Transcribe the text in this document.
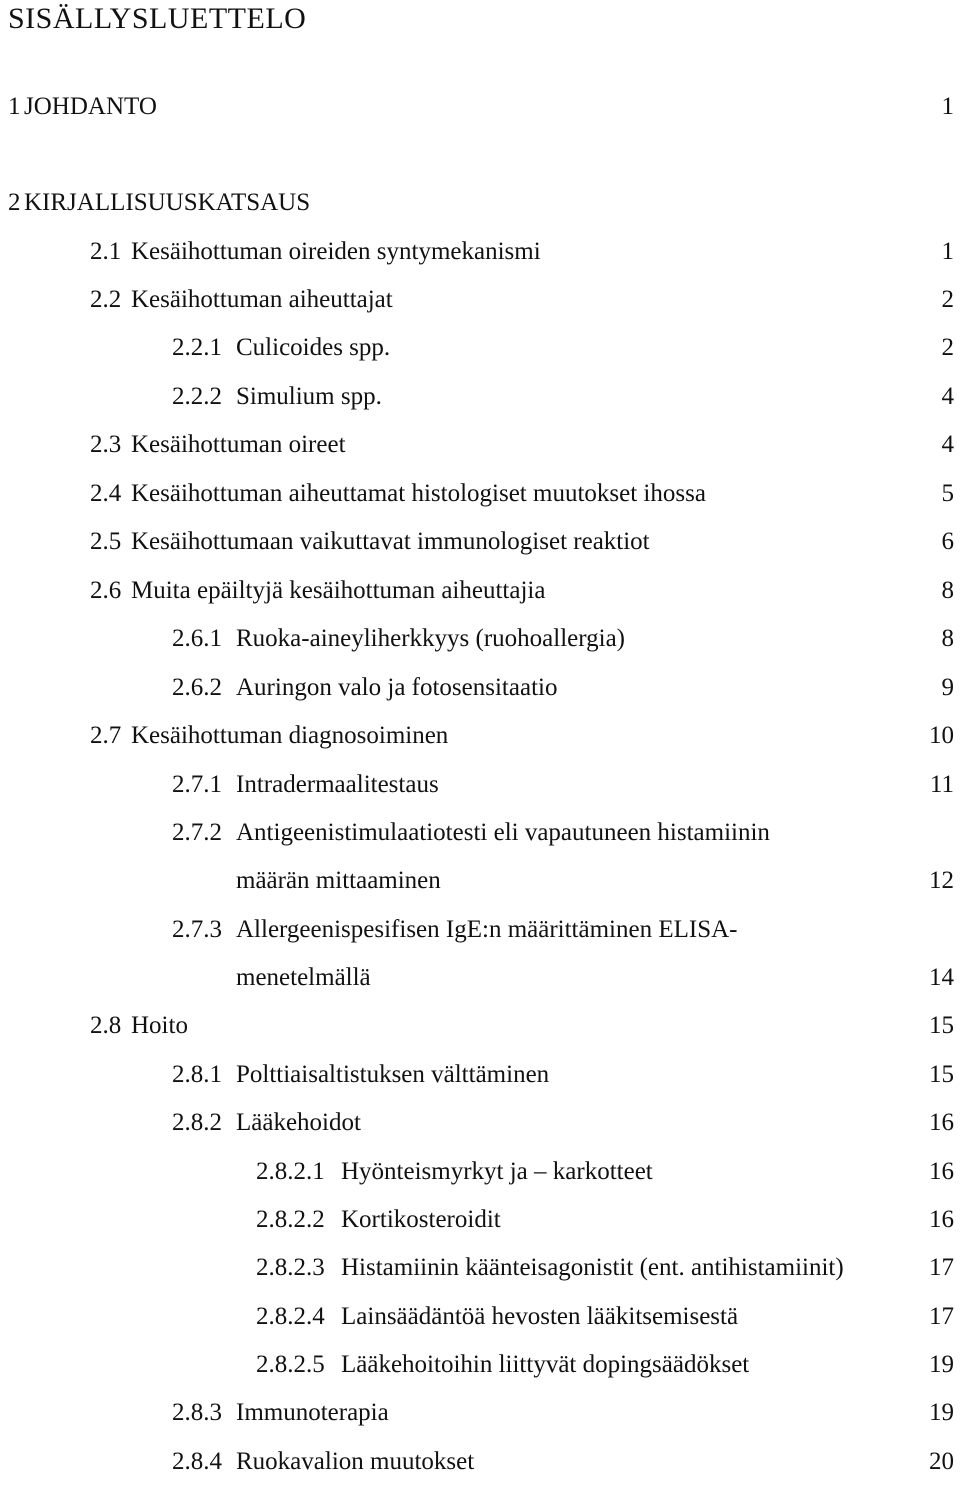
SISÄLLYSLUETTELO
1 JOHDANTO	1
2 KIRJALLISUUSKATSAUS
2.1 Kesäihottuman oireiden syntymekanismi	1
2.2 Kesäihottuman aiheuttajat	2
2.2.1 Culicoides spp.	2
2.2.2 Simulium spp.	4
2.3 Kesäihottuman oireet	4
2.4 Kesäihottuman aiheuttamat histologiset muutokset ihossa	5
2.5 Kesäihottumaan vaikuttavat immunologiset reaktiot	6
2.6 Muita epäiltyjä kesäihottuman aiheuttajia	8
2.6.1 Ruoka-aineyliherkkyys (ruohoallergia)	8
2.6.2 Auringon valo ja fotosensitaatio	9
2.7 Kesäihottuman diagnosoiminen	10
2.7.1 Intradermaalitestaus	11
2.7.2 Antigeenistimulaatiotesti eli vapautuneen histamiinin
määrän mittaaminen	12
2.7.3 Allergeenispesifisen IgE:n määrittäminen ELISA-
menetelmällä	14
2.8 Hoito	15
2.8.1 Polttiaisaltistuksen välttäminen	15
2.8.2 Lääkehoidot	16
2.8.2.1 Hyönteismyrkyt ja – karkotteet	16
2.8.2.2 Kortikosteroidit	16
2.8.2.3 Histamiinin käänteisagonistit (ent. antihistamiinit)	17
2.8.2.4 Lainsäädäntöä hevosten lääkitsemisestä	17
2.8.2.5 Lääkehoitoihin liittyvät dopingsäädökset	19
2.8.3 Immunoterapia	19
2.8.4 Ruokavalion muutokset	20
